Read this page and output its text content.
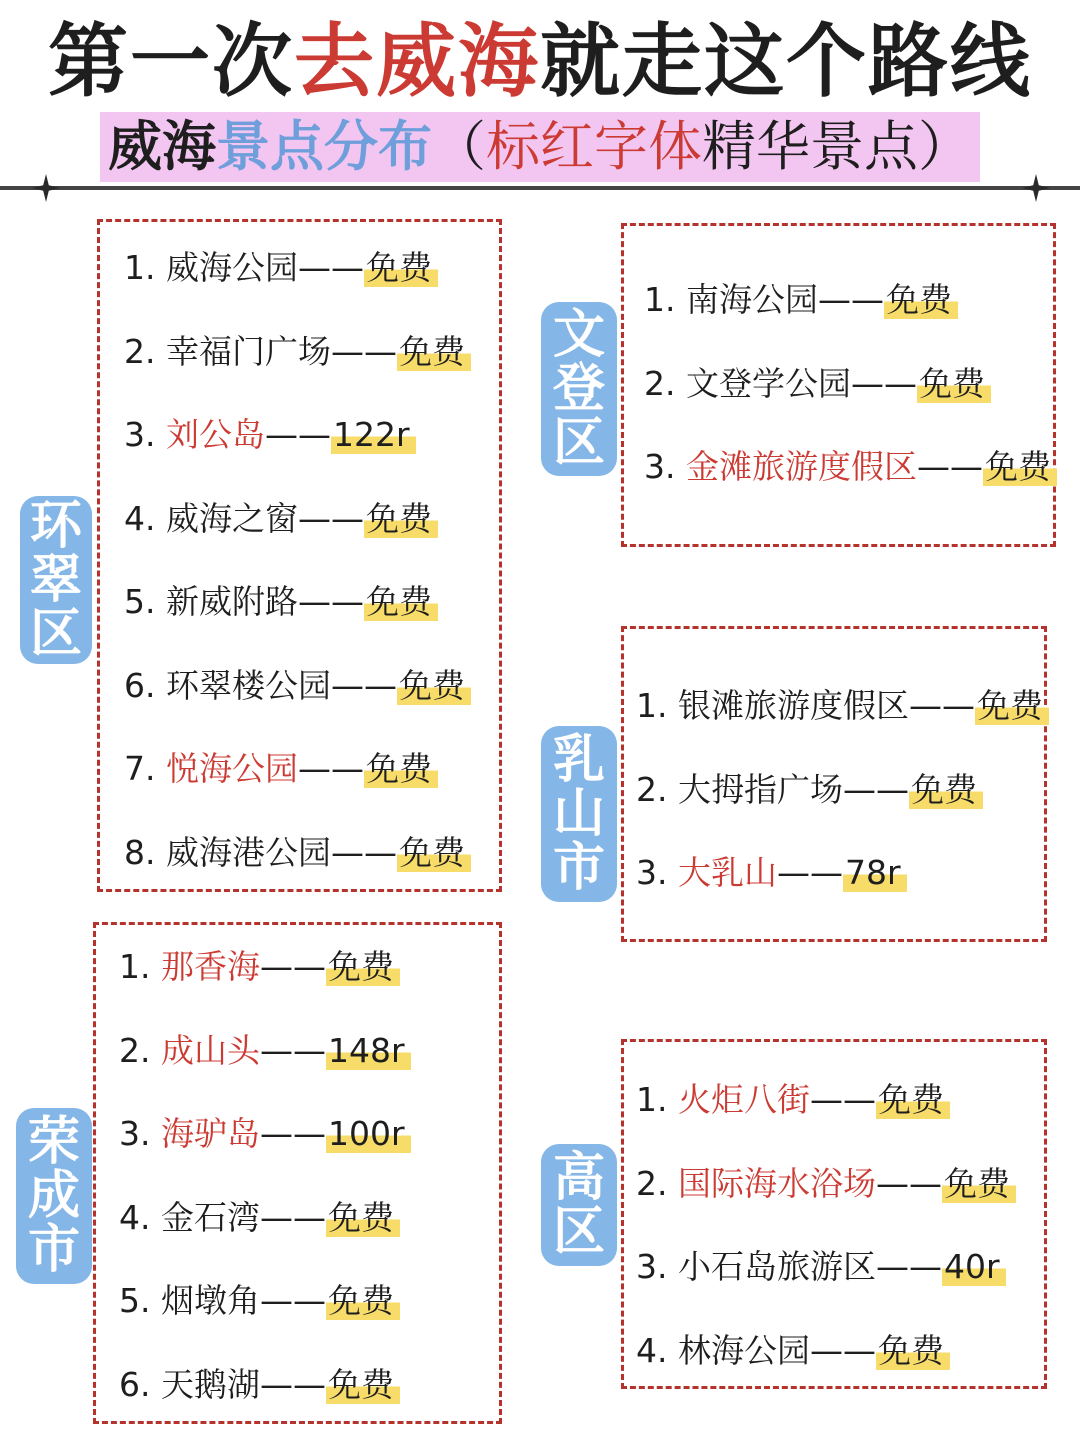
第一次去威海就走这个路线
威海景点分布（标红字体精华景点）
环
翠
区
文
登
区
乳
山
市
荣
成
市
高
区
1. 威海公园——免费
2. 幸福门广场——免费
3. 刘公岛——122r
4. 威海之窗——免费
5. 新威附路——免费
6. 环翠楼公园——免费
7. 悦海公园——免费
8. 威海港公园——免费
1. 南海公园——免费
2. 文登学公园——免费
3. 金滩旅游度假区——免费
1. 银滩旅游度假区——免费
2. 大拇指广场——免费
3. 大乳山——78r
1. 那香海——免费
2. 成山头——148r
3. 海驴岛——100r
4. 金石湾——免费
5. 烟墩角——免费
6. 天鹅湖——免费
1. 火炬八街——免费
2. 国际海水浴场——免费
3. 小石岛旅游区——40r
4. 林海公园——免费
